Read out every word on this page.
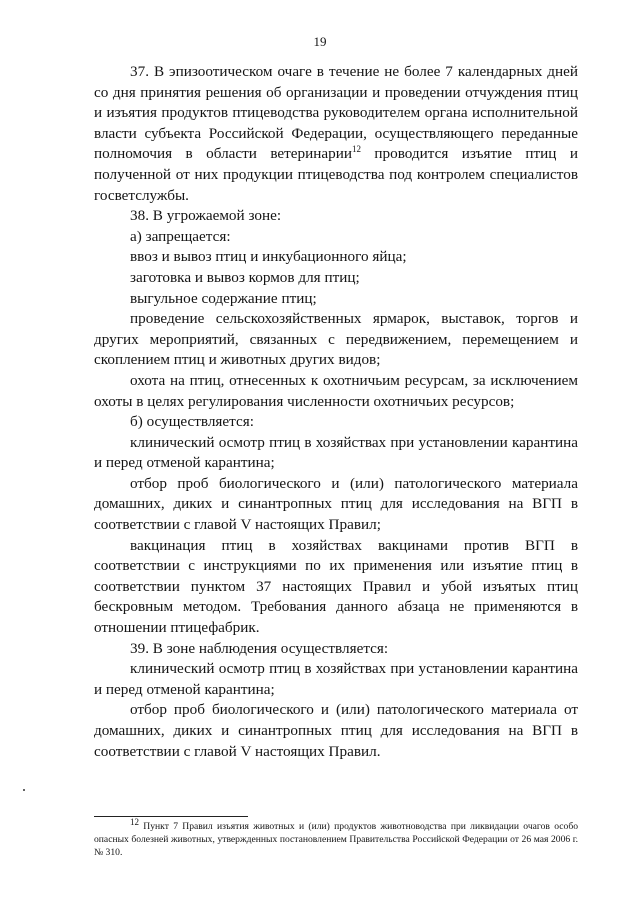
19

37. В эпизоотическом очаге в течение не более 7 календарных дней со дня принятия решения об организации и проведении отчуждения птиц и изъятия продуктов птицеводства руководителем органа исполнительной власти субъекта Российской Федерации, осуществляющего переданные полномочия в области ветеринарии$^{12}$ проводится изъятие птиц и полученной от них продукции птицеводства под контролем специалистов госветслужбы.

38. В угрожаемой зоне:

а) запрещается:

ввоз и вывоз птиц и инкубационного яйца;

заготовка и вывоз кормов для птиц;

выгульное содержание птиц;

проведение сельскохозяйственных ярмарок, выставок, торгов и других мероприятий, связанных с передвижением, перемещением и скоплением птиц и животных других видов;

охота на птиц, отнесенных к охотничьим ресурсам, за исключением охоты в целях регулирования численности охотничьих ресурсов;

б) осуществляется:

клинический осмотр птиц в хозяйствах при установлении карантина и перед отменой карантина;

отбор проб биологического и (или) патологического материала домашних, диких и синантропных птиц для исследования на ВГП в соответствии с главой V настоящих Правил;

вакцинация птиц в хозяйствах вакцинами против ВГП в соответствии с инструкциями по их применения или изъятие птиц в соответствии пунктом 37 настоящих Правил и убой изъятых птиц бескровным методом. Требования данного абзаца не применяются в отношении птицефабрик.

39. В зоне наблюдения осуществляется:

клинический осмотр птиц в хозяйствах при установлении карантина и перед отменой карантина;

отбор проб биологического и (или) патологического материала от домашних, диких и синантропных птиц для исследования на ВГП в соответствии с главой V настоящих Правил.

$^{12}$ Пункт 7 Правил изъятия животных и (или) продуктов животноводства при ликвидации очагов особо опасных болезней животных, утвержденных постановлением Правительства Российской Федерации от 26 мая 2006 г. № 310.
